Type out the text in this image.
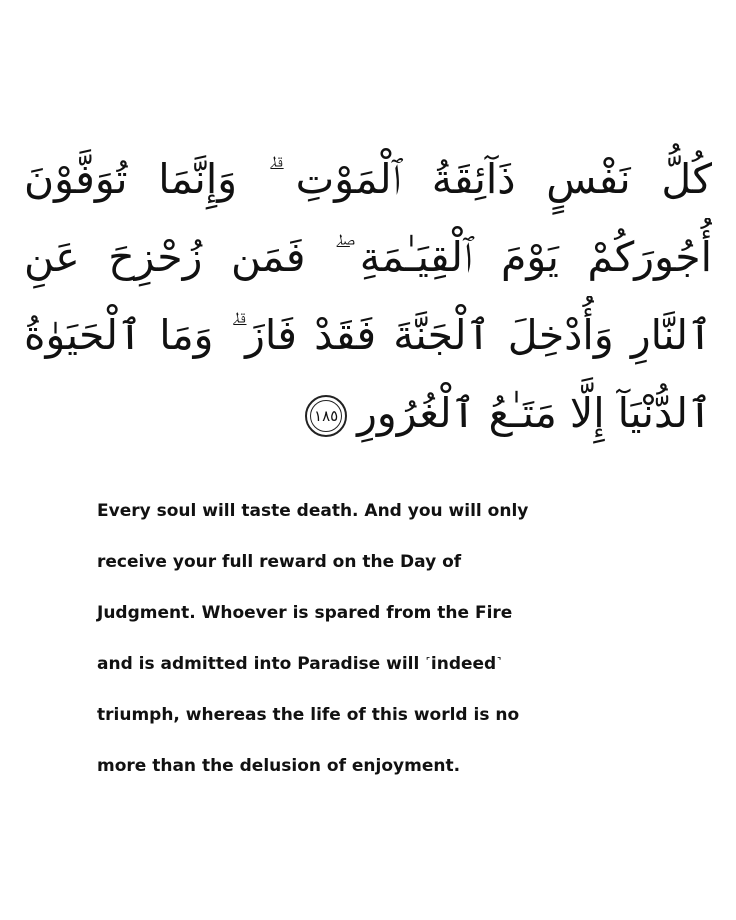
كُلُّ نَفْسٍ ذَآئِقَةُ ٱلْمَوْتِ ۗ وَإِنَّمَا تُوَفَّوْنَ
أُجُورَكُمْ يَوْمَ ٱلْقِيَـٰمَةِ ۖ فَمَن زُحْزِحَ عَنِ
ٱلنَّارِ وَأُدْخِلَ ٱلْجَنَّةَ فَقَدْ فَازَ ۗ وَمَا ٱلْحَيَوٰةُ
ٱلدُّنْيَآ إِلَّا مَتَـٰعُ ٱلْغُرُورِ
١٨٥
Every soul will taste death. And you will only
receive your full reward on the Day of
Judgment. Whoever is spared from the Fire
and is admitted into Paradise will ˹indeed˺
triumph, whereas the life of this world is no
more than the delusion of enjoyment.
